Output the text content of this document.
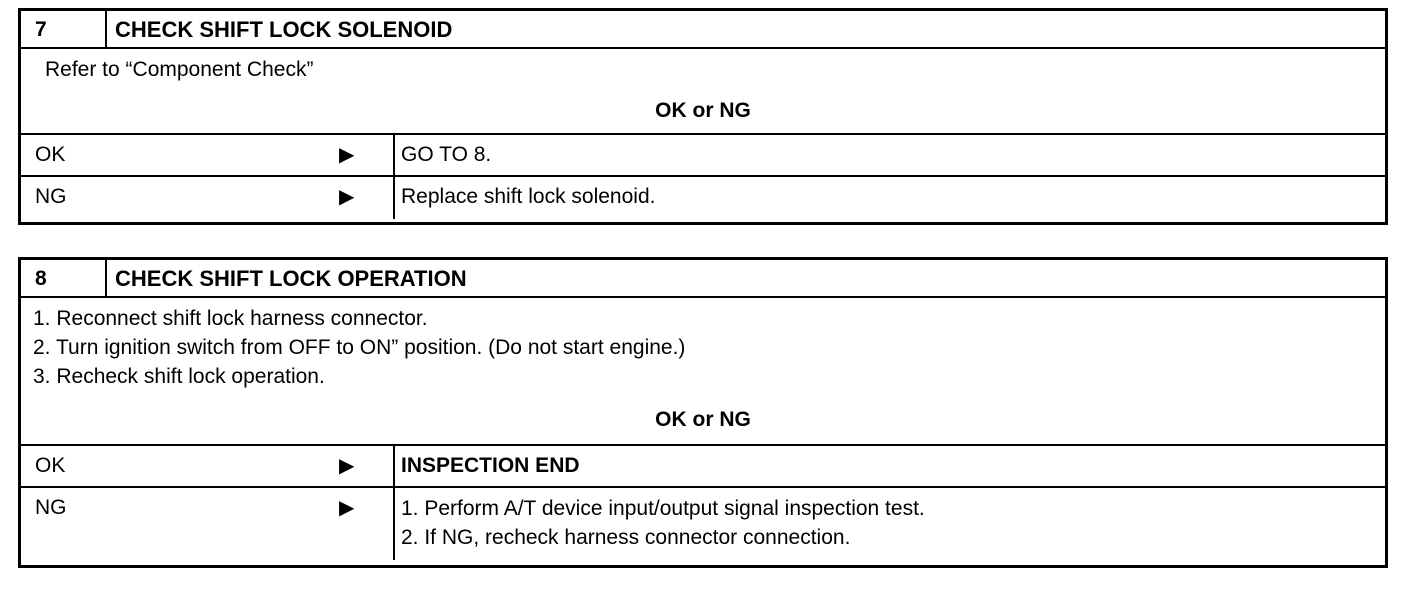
7	CHECK SHIFT LOCK SOLENOID
Refer to “Component Check”
OK or NG
OK	▶ GO TO 8.
NG	▶ Replace shift lock solenoid.
8	CHECK SHIFT LOCK OPERATION
1. Reconnect shift lock harness connector.
2. Turn ignition switch from OFF to ON” position. (Do not start engine.)
3. Recheck shift lock operation.
OK or NG
OK	▶ INSPECTION END
NG	▶ 1. Perform A/T device input/output signal inspection test.
2. If NG, recheck harness connector connection.
